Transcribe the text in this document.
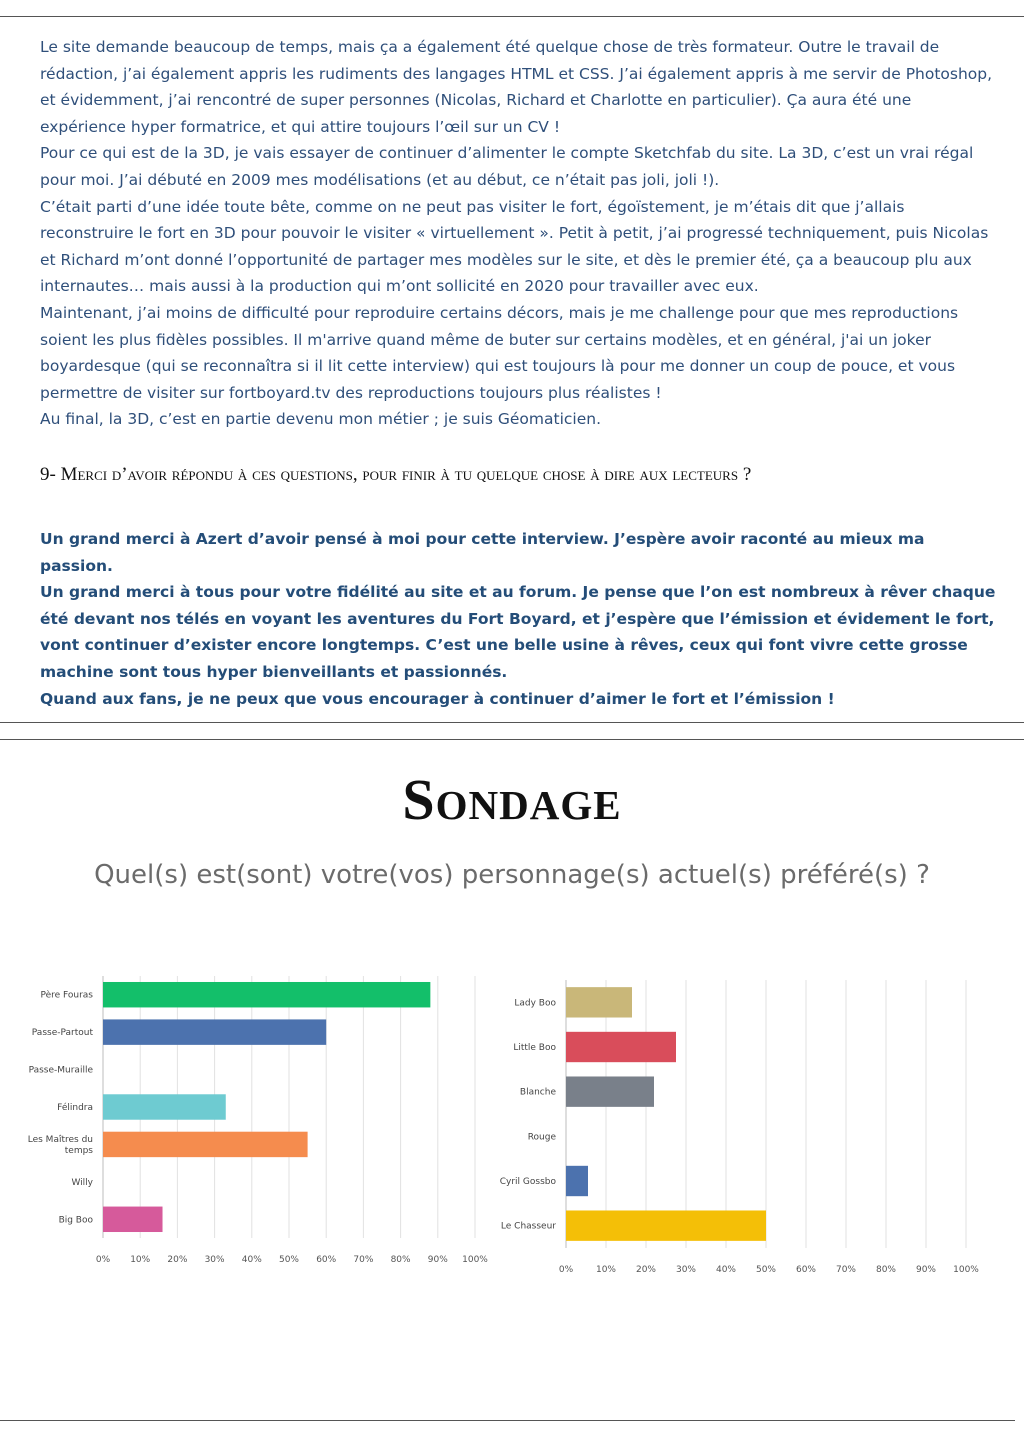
Le site demande beaucoup de temps, mais ça a également été quelque chose de très formateur. Outre le travail de rédaction, j’ai également appris les rudiments des langages HTML et CSS. J’ai également appris à me servir de Photoshop, et évidemment, j’ai rencontré de super personnes (Nicolas, Richard et Charlotte en particulier). Ça aura été une expérience hyper formatrice, et qui attire toujours l’œil sur un CV !

Pour ce qui est de la 3D, je vais essayer de continuer d’alimenter le compte Sketchfab du site. La 3D, c’est un vrai régal pour moi. J’ai débuté en 2009 mes modélisations (et au début, ce n’était pas joli, joli !).

C’était parti d’une idée toute bête, comme on ne peut pas visiter le fort, égoïstement, je m’étais dit que j’allais reconstruire le fort en 3D pour pouvoir le visiter « virtuellement ». Petit à petit, j’ai progressé techniquement, puis Nicolas et Richard m’ont donné l’opportunité de partager mes modèles sur le site, et dès le premier été, ça a beaucoup plu aux internautes… mais aussi à la production qui m’ont sollicité en 2020 pour travailler avec eux.

Maintenant, j’ai moins de difficulté pour reproduire certains décors, mais je me challenge pour que mes reproductions soient les plus fidèles possibles. Il m'arrive quand même de buter sur certains modèles, et en général, j'ai un joker boyardesque (qui se reconnaîtra si il lit cette interview) qui est toujours là pour me donner un coup de pouce, et vous permettre de visiter sur fortboyard.tv des reproductions toujours plus réalistes !

Au final, la 3D, c’est en partie devenu mon métier ; je suis Géomaticien.

9- Merci d’avoir répondu à ces questions, pour finir à tu quelque chose à dire aux lecteurs ?

Un grand merci à Azert d’avoir pensé à moi pour cette interview. J’espère avoir raconté au mieux ma passion.

Un grand merci à tous pour votre fidélité au site et au forum. Je pense que l’on est nombreux à rêver chaque été devant nos télés en voyant les aventures du Fort Boyard, et j’espère que l’émission et évidement le fort, vont continuer d’exister encore longtemps. C’est une belle usine à rêves, ceux qui font vivre cette grosse machine sont tous hyper bienveillants et passionnés.

Quand aux fans, je ne peux que vous encourager à continuer d’aimer le fort et l’émission !

Sondage
Quel(s) est(sont) votre(vos) personnage(s) actuel(s) préféré(s) ?
0% 10% 20% 30% 40% 50% 60% 70% 80% 90% 100%
Père Fouras
Passe-Partout
Passe-Muraille
Félindra
Les Maîtres du
temps
Willy
Big Boo
0%	10% 20% 30% 40% 50% 60% 70% 80% 90% 100%
Lady Boo
Little Boo
Blanche
Rouge
Cyril Gossbo
Le Chasseur
